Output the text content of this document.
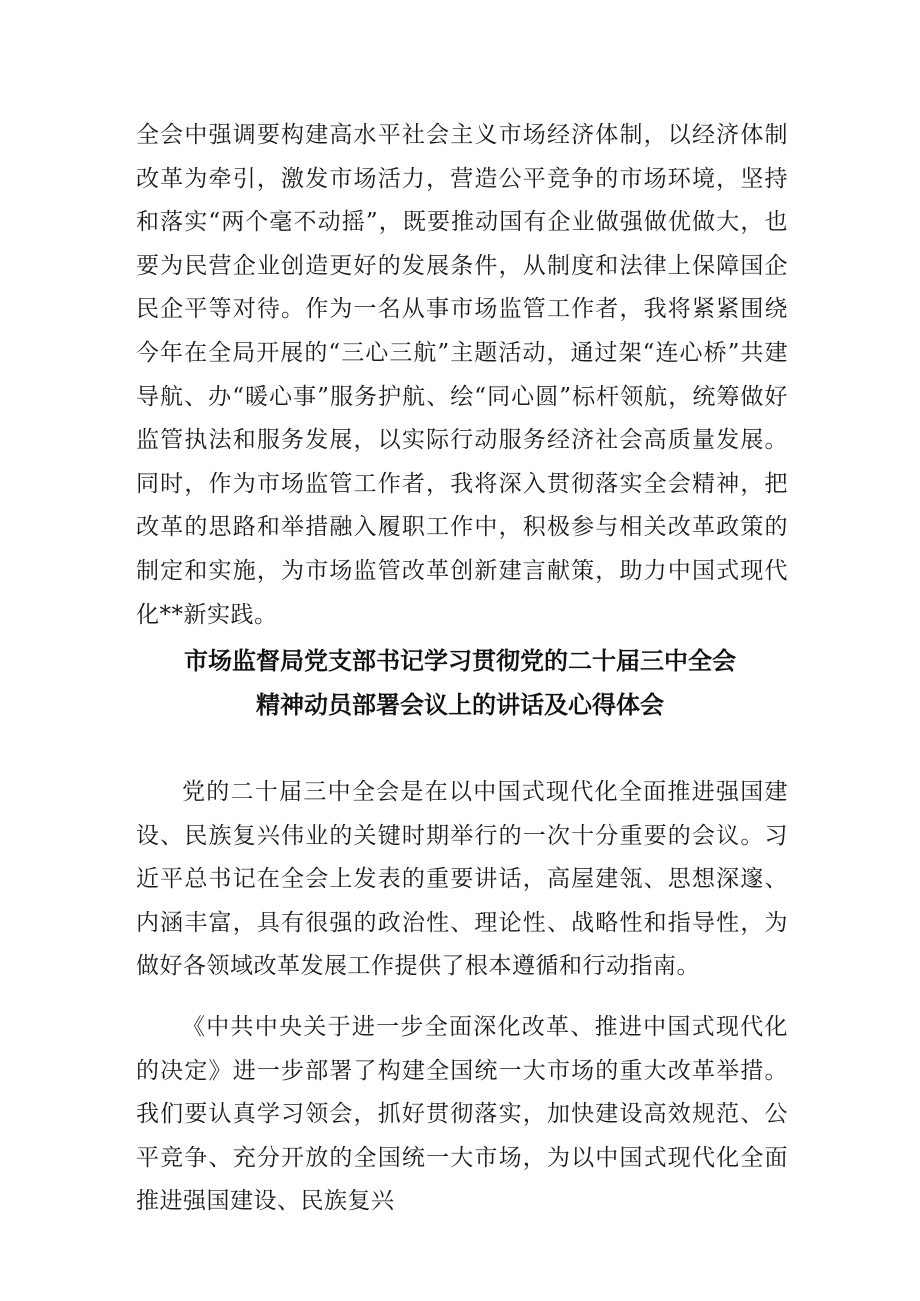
全会中强调要构建高水平社会主义市场经济体制，以经济体制改革为牵引，激发市场活力，营造公平竞争的市场环境，坚持和落实“两个毫不动摇”，既要推动国有企业做强做优做大，也要为民营企业创造更好的发展条件，从制度和法律上保障国企民企平等对待。作为一名从事市场监管工作者，我将紧紧围绕今年在全局开展的“三心三航”主题活动，通过架“连心桥”共建导航、办“暖心事”服务护航、绘“同心圆”标杆领航，统筹做好监管执法和服务发展，以实际行动服务经济社会高质量发展。同时，作为市场监管工作者，我将深入贯彻落实全会精神，把改革的思路和举措融入履职工作中，积极参与相关改革政策的制定和实施，为市场监管改革创新建言献策，助力中国式现代化**新实践。

市场监督局党支部书记学习贯彻党的二十届三中全会
精神动员部署会议上的讲话及心得体会

党的二十届三中全会是在以中国式现代化全面推进强国建设、民族复兴伟业的关键时期举行的一次十分重要的会议。习近平总书记在全会上发表的重要讲话，高屋建瓴、思想深邃、内涵丰富，具有很强的政治性、理论性、战略性和指导性，为做好各领域改革发展工作提供了根本遵循和行动指南。

《中共中央关于进一步全面深化改革、推进中国式现代化的决定》进一步部署了构建全国统一大市场的重大改革举措。我们要认真学习领会，抓好贯彻落实，加快建设高效规范、公平竞争、充分开放的全国统一大市场，为以中国式现代化全面推进强国建设、民族复兴
